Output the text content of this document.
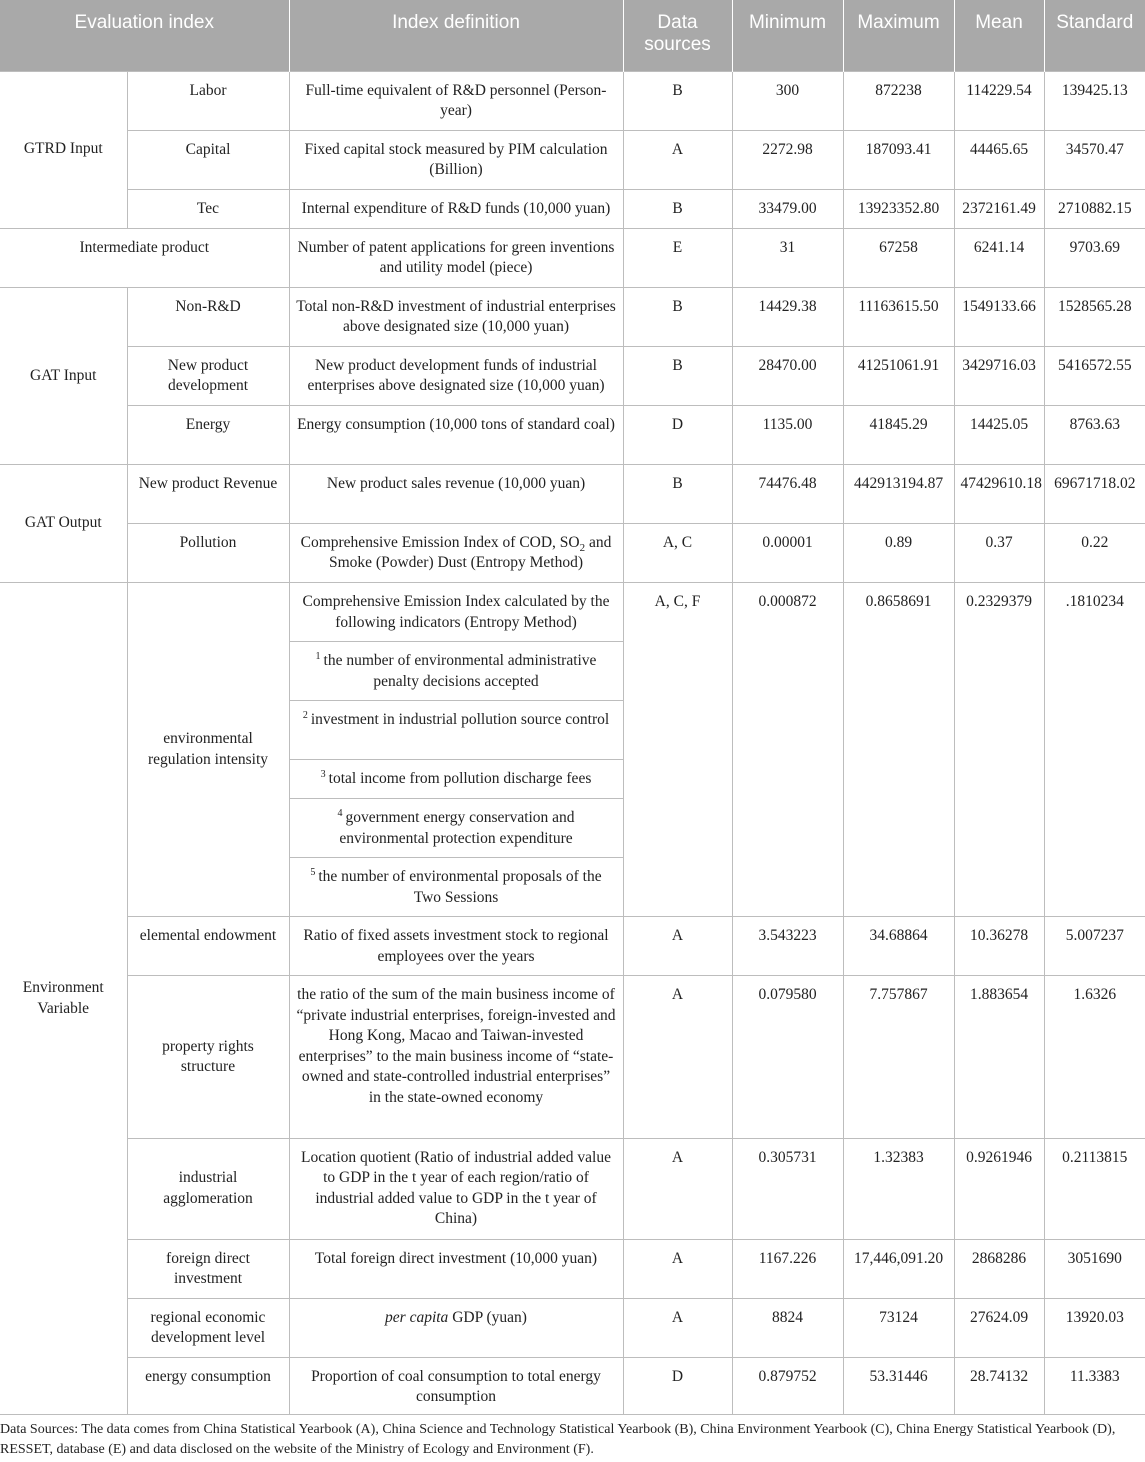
Evaluation index		Index definition	Data sources	Minimum	Maximum	Mean	Standard
GTRD Input	Labor	Full-time equivalent of R&D personnel (Person-year)	B	300	872238	114229.54	139425.13
	Capital	Fixed capital stock measured by PIM calculation (Billion)	A	2272.98	187093.41	44465.65	34570.47
	Tec	Internal expenditure of R&D funds (10,000 yuan)	B	33479.00	13923352.80	2372161.49	2710882.15
Intermediate product		Number of patent applications for green inventions and utility model (piece)	E	31	67258	6241.14	9703.69
GAT Input	Non-R&D	Total non-R&D investment of industrial enterprises above designated size (10,000 yuan)	B	14429.38	11163615.50	1549133.66	1528565.28
	New product development	New product development funds of industrial enterprises above designated size (10,000 yuan)	B	28470.00	41251061.91	3429716.03	5416572.55
	Energy	Energy consumption (10,000 tons of standard coal)	D	1135.00	41845.29	14425.05	8763.63
GAT Output	New product Revenue	New product sales revenue (10,000 yuan)	B	74476.48	442913194.87	47429610.18	69671718.02
	Pollution	Comprehensive Emission Index of COD, $SO_2$ and Smoke (Powder) Dust (Entropy Method)	A, C	0.00001	0.89	0.37	0.22
Environment Variable	environmental regulation intensity	Comprehensive Emission Index calculated by the following indicators (Entropy Method)	A, C, F	0.000872	0.8658691	0.2329379	.1810234
		$^1$ the number of environmental administrative penalty decisions accepted					
		$^2$ investment in industrial pollution source control					
		$^3$ total income from pollution discharge fees					
		$^4$ government energy conservation and environmental protection expenditure					
		$^5$ the number of environmental proposals of the Two Sessions					
	elemental endowment	Ratio of fixed assets investment stock to regional employees over the years	A	3.543223	34.68864	10.36278	5.007237
	property rights structure	the ratio of the sum of the main business income of “private industrial enterprises, foreign-invested and Hong Kong, Macao and Taiwan-invested enterprises” to the main business income of “state-owned and state-controlled industrial enterprises” in the state-owned economy	A	0.079580	7.757867	1.883654	1.6326
	industrial agglomeration	Location quotient (Ratio of industrial added value to GDP in the t year of each region/ratio of industrial added value to GDP in the t year of China)	A	0.305731	1.32383	0.9261946	0.2113815
	foreign direct investment	Total foreign direct investment (10,000 yuan)	A	1167.226	17,446,091.20	2868286	3051690
	regional economic development level	per capita GDP (yuan)	A	8824	73124	27624.09	13920.03
	energy consumption	Proportion of coal consumption to total energy consumption	D	0.879752	53.31446	28.74132	11.3383

Data Sources: The data comes from China Statistical Yearbook (A), China Science and Technology Statistical Yearbook (B), China Environment Yearbook (C), China Energy Statistical Yearbook (D), RESSET, database (E) and data disclosed on the website of the Ministry of Ecology and Environment (F).
